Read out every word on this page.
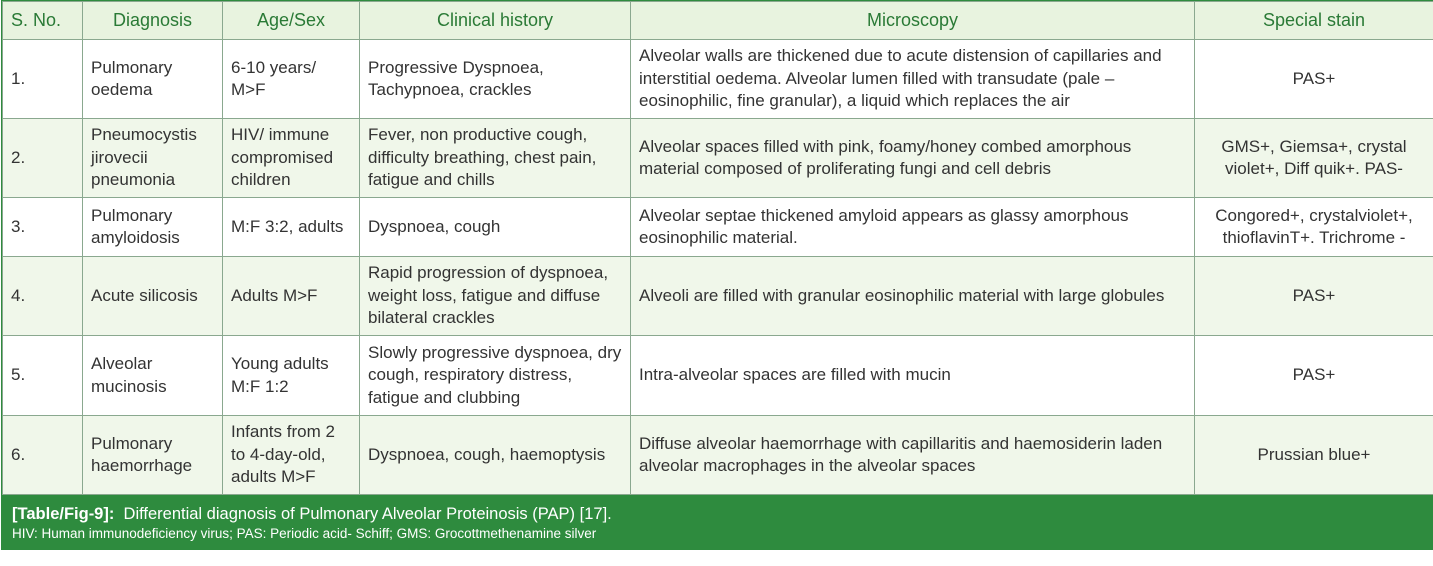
S. No.	Diagnosis	Age/Sex	Clinical history	Microscopy	Special stain
1.	Pulmonary oedema	6-10 years/ M>F	Progressive Dyspnoea, Tachypnoea, crackles	Alveolar walls are thickened due to acute distension of capillaries and interstitial oedema. Alveolar lumen filled with transudate (pale – eosinophilic, fine granular), a liquid which replaces the air	PAS+
2.	Pneumocystis jirovecii pneumonia	HIV/ immune compromised children	Fever, non productive cough, difficulty breathing, chest pain, fatigue and chills	Alveolar spaces filled with pink, foamy/honey combed amorphous material composed of proliferating fungi and cell debris	GMS+, Giemsa+, crystal violet+, Diff quik+. PAS-
3.	Pulmonary amyloidosis	M:F 3:2, adults	Dyspnoea, cough	Alveolar septae thickened amyloid appears as glassy amorphous eosinophilic material.	Congored+, crystalviolet+, thioflavinT+. Trichrome -
4.	Acute silicosis	Adults M>F	Rapid progression of dyspnoea, weight loss, fatigue and diffuse bilateral crackles	Alveoli are filled with granular eosinophilic material with large globules	PAS+
5.	Alveolar mucinosis	Young adults M:F 1:2	Slowly progressive dyspnoea, dry cough, respiratory distress, fatigue and clubbing	Intra-alveolar spaces are filled with mucin	PAS+
6.	Pulmonary haemorrhage	Infants from 2 to 4-day-old, adults M>F	Dyspnoea, cough, haemoptysis	Diffuse alveolar haemorrhage with capillaritis and haemosiderin laden alveolar macrophages in the alveolar spaces	Prussian blue+
[Table/Fig-9]: Differential diagnosis of Pulmonary Alveolar Proteinosis (PAP) [17].
HIV: Human immunodeficiency virus; PAS: Periodic acid- Schiff; GMS: Grocottmethenamine silver
